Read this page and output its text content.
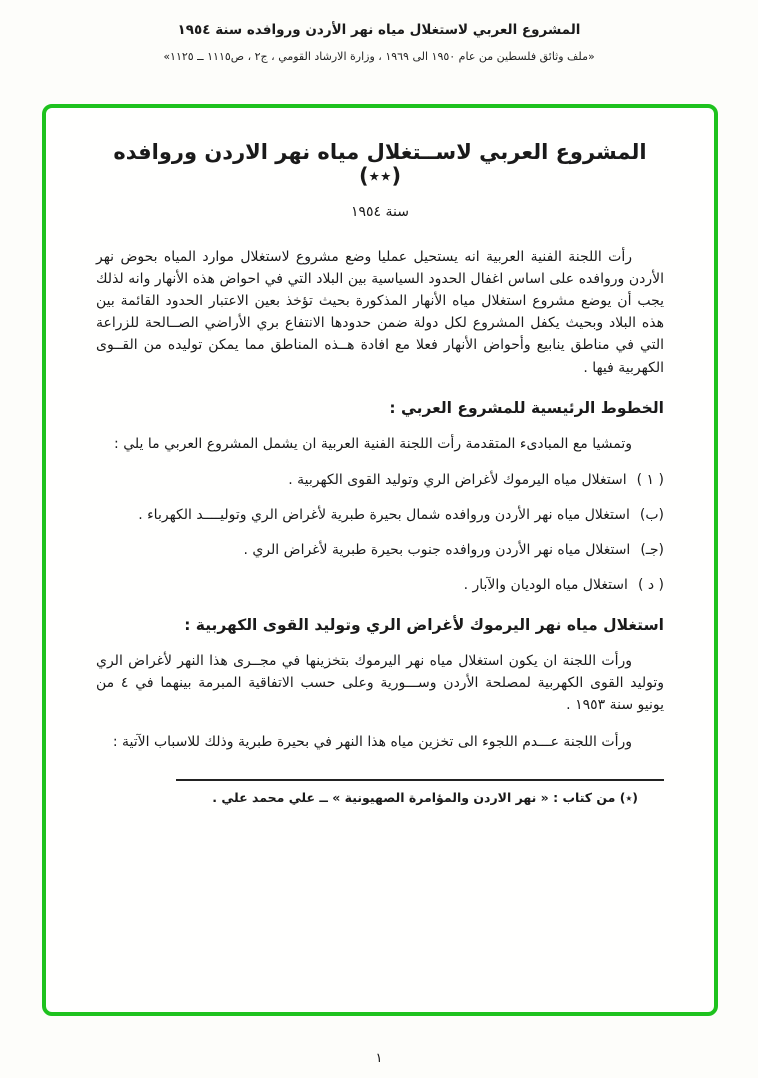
المشروع العربي لاستغلال مياه نهر الأردن وروافده سنة ١٩٥٤
«ملف وثائق فلسطين من عام ١٩٥٠ الى ١٩٦٩ ، وزارة الارشاد القومي ، ج٢ ، ص١١١٥ ــ ١١٢٥»
المشروع العربي لاســتغلال مياه نهر الاردن وروافده (٭٭)
سنة ١٩٥٤

رأت اللجنة الفنية العربية انه يستحيل عمليا وضع مشروع لاستغلال موارد المياه بحوض نهر الأردن وروافده على اساس اغفال الحدود السياسية بين البلاد التي في احواض هذه الأنهار وانه لذلك يجب أن يوضع مشروع استغلال مياه الأنهار المذكورة بحيث تؤخذ بعين الاعتبار الحدود القائمة بين هذه البلاد وبحيث يكفل المشروع لكل دولة ضمن حدودها الانتفاع بري الأراضي الصــالحة للزراعة التي في مناطق ينابيع وأحواض الأنهار فعلا مع افادة هــذه المناطق مما يمكن توليده من القــوى الكهربية فيها .

الخطوط الرئيسية للمشروع العربي :

وتمشيا مع المبادىء المتقدمة رأت اللجنة الفنية العربية ان يشمل المشروع العربي ما يلي :

( ١ )
استغلال مياه اليرموك لأغراض الري وتوليد القوى الكهربية .
(ب)
استغلال مياه نهر الأردن وروافده شمال بحيرة طبرية لأغراض الري وتوليــــد الكهرباء .
(جـ)
استغلال مياه نهر الأردن وروافده جنوب بحيرة طبرية لأغراض الري .
( د )
استغلال مياه الوديان والآبار .
استغلال مياه نهر اليرموك لأغراض الري وتوليد القوى الكهربية :

ورأت اللجنة ان يكون استغلال مياه نهر اليرموك بتخزينها في مجــرى هذا النهر لأغراض الري وتوليد القوى الكهربية لمصلحة الأردن وســـورية وعلى حسب الاتفاقية المبرمة بينهما في ٤ من يونيو سنة ١٩٥٣ .

ورأت اللجنة عـــدم اللجوء الى تخزين مياه هذا النهر في بحيرة طبرية وذلك للاسباب الآتية :

(٭) من كتاب : « نهر الاردن والمؤامرة الصهيونية » ــ علي محمد علي .

١
